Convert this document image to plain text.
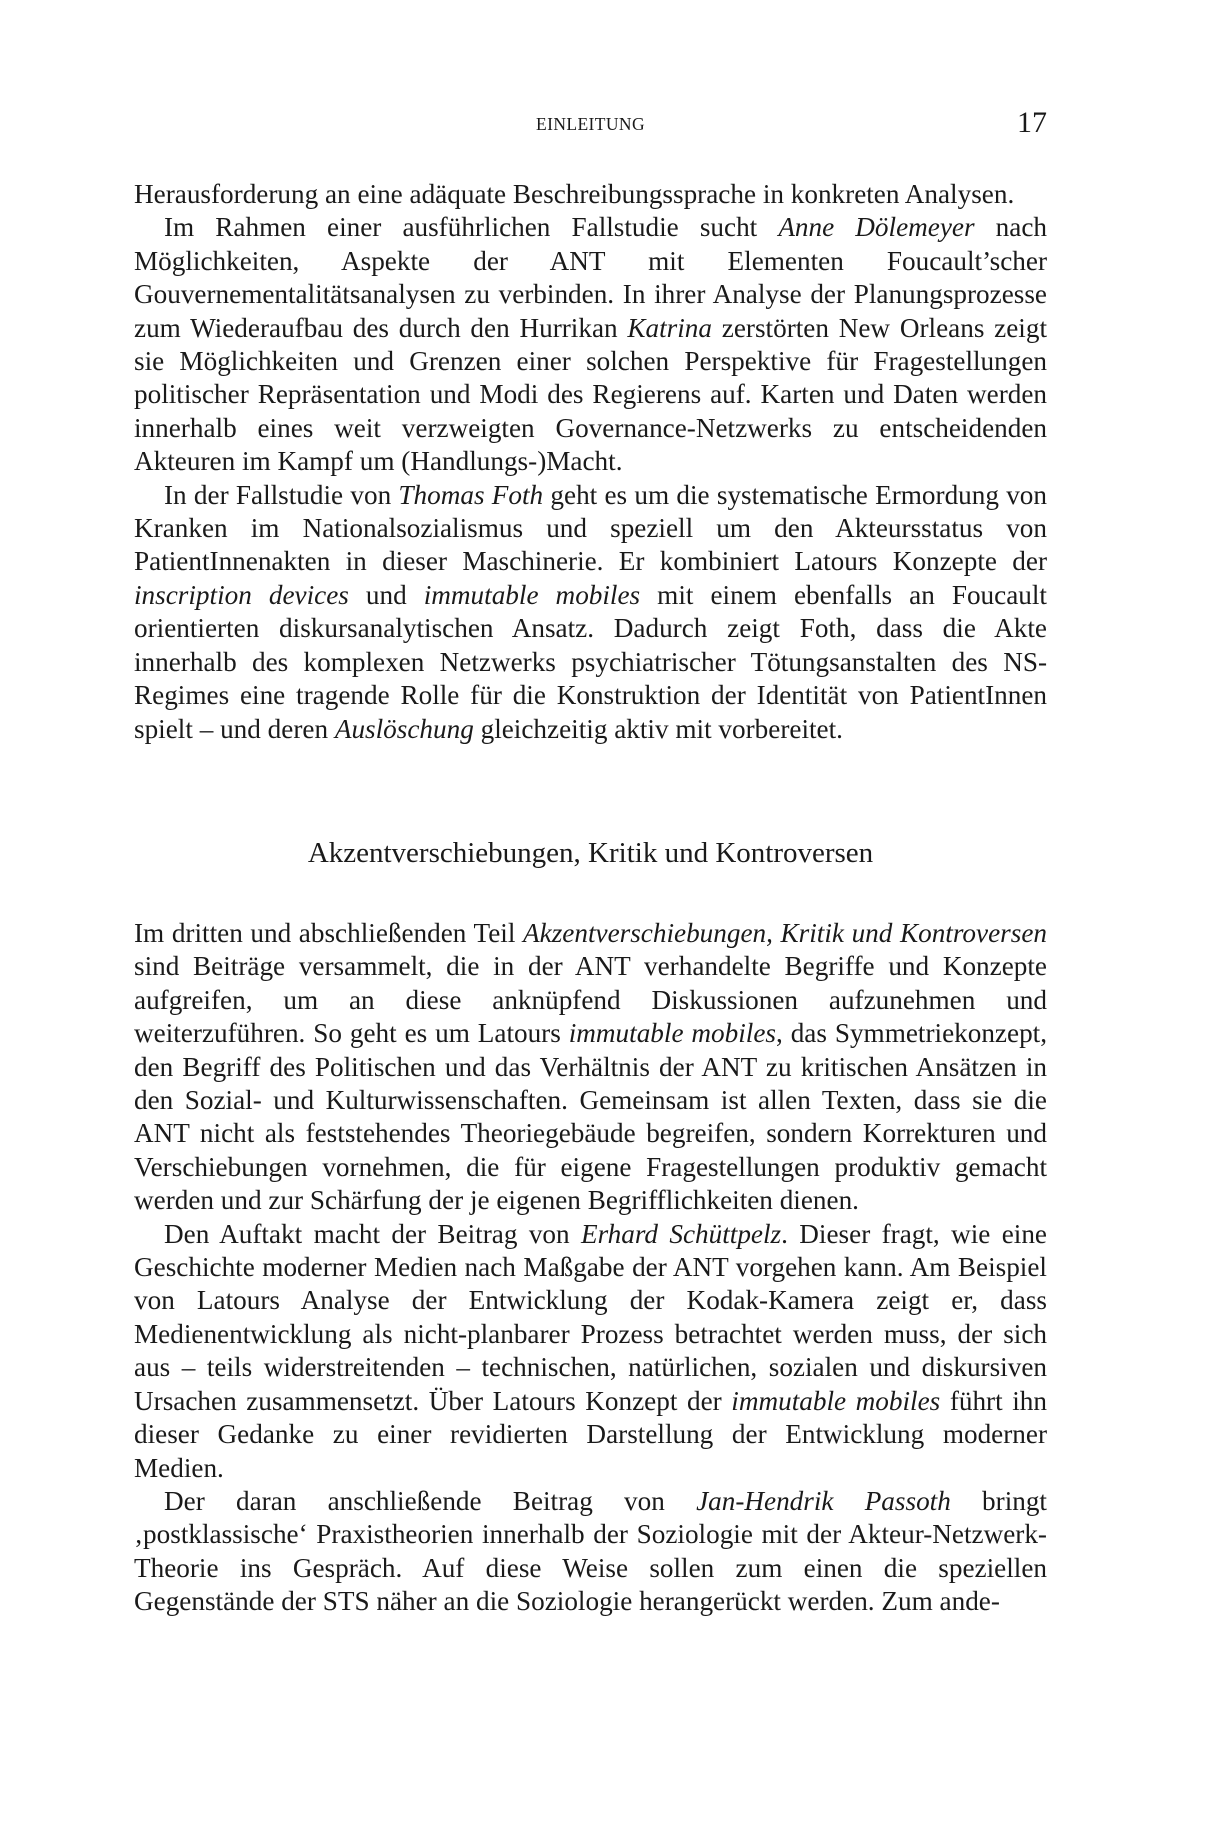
EINLEITUNG	17

Herausforderung an eine adäquate Beschreibungssprache in konkreten Analysen.

Im Rahmen einer ausführlichen Fallstudie sucht Anne Dölemeyer nach Möglichkeiten, Aspekte der ANT mit Elementen Foucault’scher Gouvernementalitätsanalysen zu verbinden. In ihrer Analyse der Planungsprozesse zum Wiederaufbau des durch den Hurrikan Katrina zerstörten New Orleans zeigt sie Möglichkeiten und Grenzen einer solchen Perspektive für Fragestellungen politischer Repräsentation und Modi des Regierens auf. Karten und Daten werden innerhalb eines weit verzweigten Governance-Netzwerks zu entscheidenden Akteuren im Kampf um (Handlungs-)Macht.

In der Fallstudie von Thomas Foth geht es um die systematische Ermordung von Kranken im Nationalsozialismus und speziell um den Akteursstatus von PatientInnenakten in dieser Maschinerie. Er kombiniert Latours Konzepte der inscription devices und immutable mobiles mit einem ebenfalls an Foucault orientierten diskursanalytischen Ansatz. Dadurch zeigt Foth, dass die Akte innerhalb des komplexen Netzwerks psychiatrischer Tötungsanstalten des NS-Regimes eine tragende Rolle für die Konstruktion der Identität von PatientInnen spielt – und deren Auslöschung gleichzeitig aktiv mit vorbereitet.

Akzentverschiebungen, Kritik und Kontroversen

Im dritten und abschließenden Teil Akzentverschiebungen, Kritik und Kontroversen sind Beiträge versammelt, die in der ANT verhandelte Begriffe und Konzepte aufgreifen, um an diese anknüpfend Diskussionen aufzunehmen und weiterzuführen. So geht es um Latours immutable mobiles, das Symmetriekonzept, den Begriff des Politischen und das Verhältnis der ANT zu kritischen Ansätzen in den Sozial- und Kulturwissenschaften. Gemeinsam ist allen Texten, dass sie die ANT nicht als feststehendes Theoriegebäude begreifen, sondern Korrekturen und Verschiebungen vornehmen, die für eigene Fragestellungen produktiv gemacht werden und zur Schärfung der je eigenen Begrifflichkeiten dienen.

Den Auftakt macht der Beitrag von Erhard Schüttpelz. Dieser fragt, wie eine Geschichte moderner Medien nach Maßgabe der ANT vorgehen kann. Am Beispiel von Latours Analyse der Entwicklung der Kodak-Kamera zeigt er, dass Medienentwicklung als nicht-planbarer Prozess betrachtet werden muss, der sich aus – teils widerstreitenden – technischen, natürlichen, sozialen und diskursiven Ursachen zusammensetzt. Über Latours Konzept der immutable mobiles führt ihn dieser Gedanke zu einer revidierten Darstellung der Entwicklung moderner Medien.

Der daran anschließende Beitrag von Jan-Hendrik Passoth bringt ‚postklassische‘ Praxistheorien innerhalb der Soziologie mit der Akteur-Netzwerk-Theorie ins Gespräch. Auf diese Weise sollen zum einen die speziellen Gegenstände der STS näher an die Soziologie herangerückt werden. Zum ande-
